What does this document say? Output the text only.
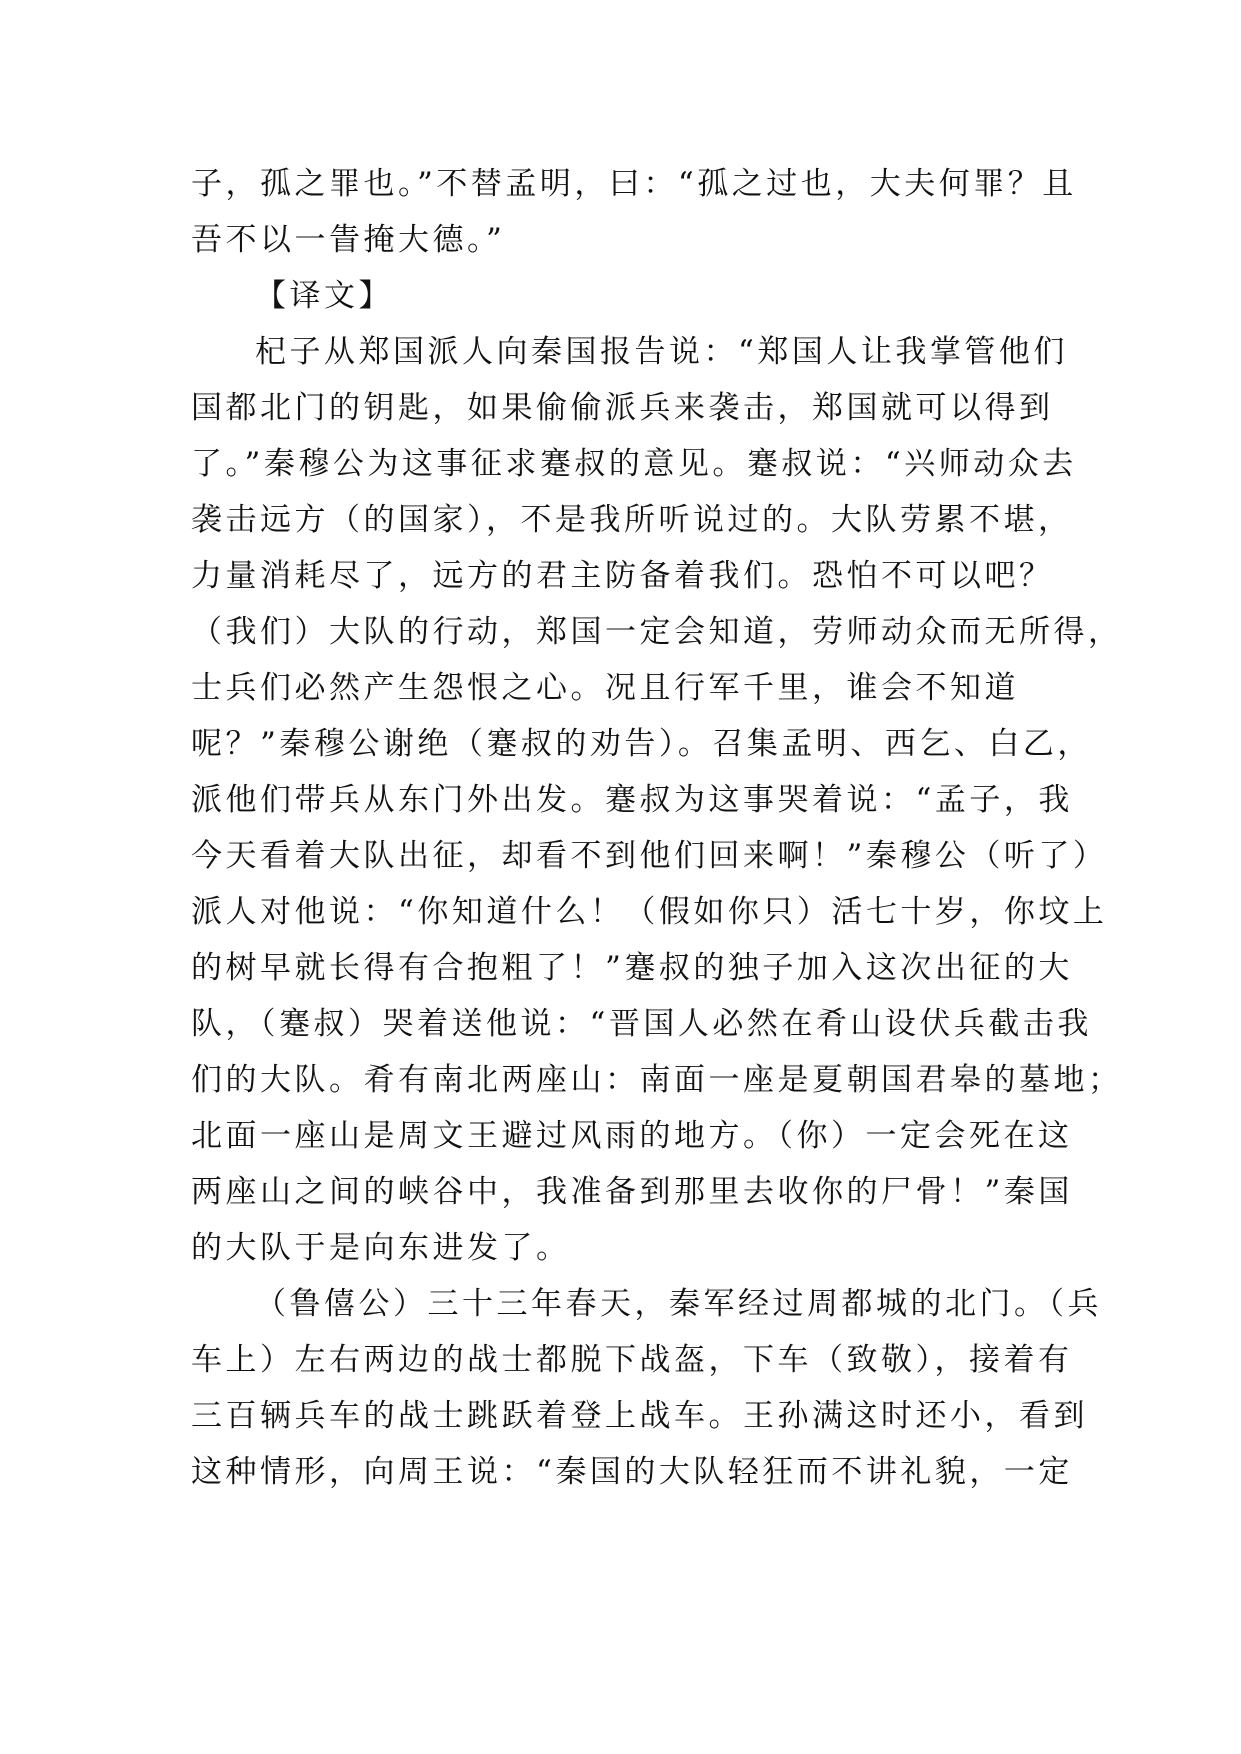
子，孤之罪也。”不替孟明，曰：“孤之过也，大夫何罪？且
吾不以一眚掩大德。”
【译文】
杞子从郑国派人向秦国报告说：“郑国人让我掌管他们
国都北门的钥匙，如果偷偷派兵来袭击，郑国就可以得到
了。”秦穆公为这事征求蹇叔的意见。蹇叔说：“兴师动众去
袭击远方（的国家），不是我所听说过的。大队劳累不堪，
力量消耗尽了，远方的君主防备着我们。恐怕不可以吧？
（我们）大队的行动，郑国一定会知道，劳师动众而无所得，
士兵们必然产生怨恨之心。况且行军千里，谁会不知道
呢？”秦穆公谢绝（蹇叔的劝告）。召集孟明、西乞、白乙，
派他们带兵从东门外出发。蹇叔为这事哭着说：“孟子，我
今天看着大队出征，却看不到他们回来啊！”秦穆公（听了）
派人对他说：“你知道什么！（假如你只）活七十岁，你坟上
的树早就长得有合抱粗了！”蹇叔的独子加入这次出征的大
队，（蹇叔）哭着送他说：“晋国人必然在肴山设伏兵截击我
们的大队。肴有南北两座山：南面一座是夏朝国君皋的墓地；
北面一座山是周文王避过风雨的地方。（你）一定会死在这
两座山之间的峡谷中，我准备到那里去收你的尸骨！”秦国
的大队于是向东进发了。
（鲁僖公）三十三年春天，秦军经过周都城的北门。（兵
车上）左右两边的战士都脱下战盔，下车（致敬），接着有
三百辆兵车的战士跳跃着登上战车。王孙满这时还小，看到
这种情形，向周王说：“秦国的大队轻狂而不讲礼貌，一定
